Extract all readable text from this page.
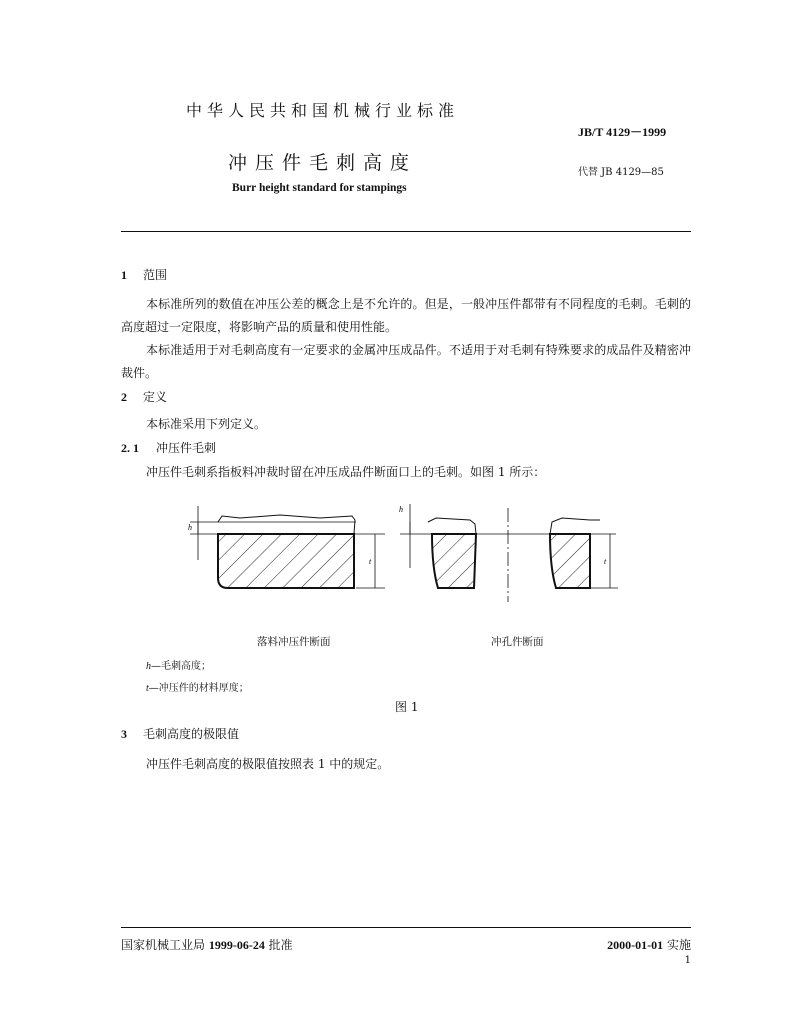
中华人民共和国机械行业标准
JB/T 4129－1999
冲压件毛刺高度	代替 JB 4129—85
Burr height standard for stampings
1 范围
本标准所列的数值在冲压公差的概念上是不允许的。但是，一般冲压件都带有不同程度的毛刺。毛刺的高度超过一定限度，将影响产品的质量和使用性能。
本标准适用于对毛刺高度有一定要求的金属冲压成品件。不适用于对毛刺有特殊要求的成品件及精密冲裁件。
2 定义
本标准采用下列定义。
2. 1 冲压件毛刺
冲压件毛刺系指板料冲裁时留在冲压成品件断面口上的毛刺。如图 1 所示：
h
t
h
t
落料冲压件断面	冲孔件断面
h—毛刺高度；
t—冲压件的材料厚度；
图 1
3 毛刺高度的极限值
冲压件毛刺高度的极限值按照表 1 中的规定。
国家机械工业局 1999-06-24 批准	2000-01-01 实施
1
